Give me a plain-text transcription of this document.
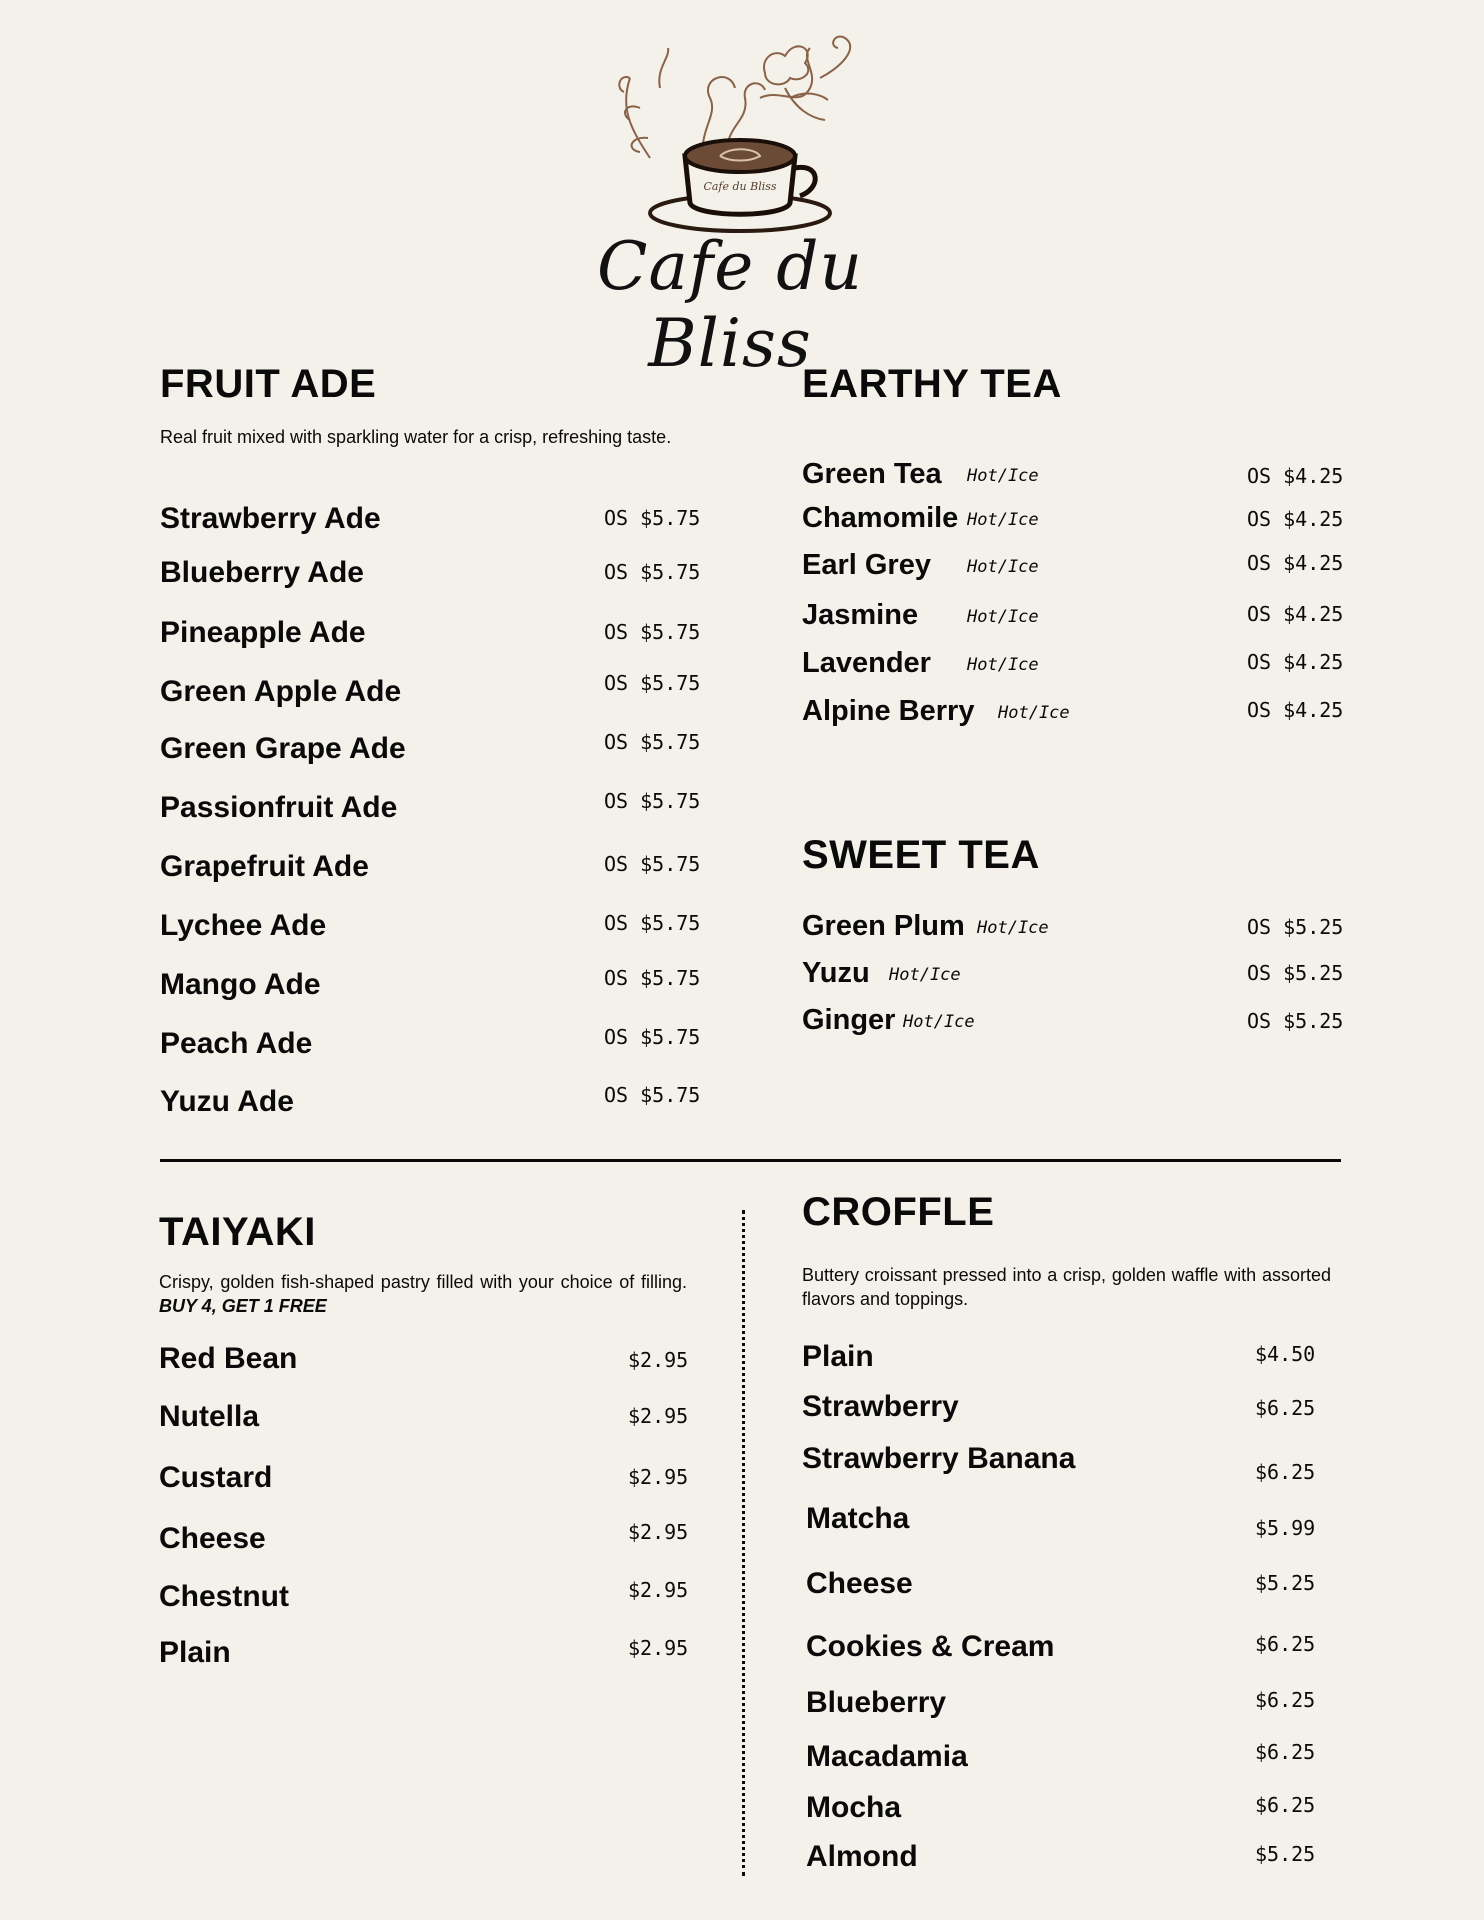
Cafe du Bliss
Cafe du Bliss
FRUIT ADE

Real fruit mixed with sparkling water for a crisp, refreshing taste.

Strawberry Ade	OS $5.75
Blueberry Ade	OS $5.75
Pineapple Ade	OS $5.75
Green Apple Ade	OS $5.75
Green Grape Ade	OS $5.75
Passionfruit Ade	OS $5.75
Grapefruit Ade	OS $5.75
Lychee Ade	OS $5.75
Mango Ade	OS $5.75
Peach Ade	OS $5.75
Yuzu Ade	OS $5.75
EARTHY TEA
Green Tea Hot/Ice	OS $4.25
Chamomile Hot/Ice	OS $4.25
Earl Grey Hot/Ice	OS $4.25
Jasmine	Hot/Ice	OS $4.25
Lavender Hot/Ice	OS $4.25
Alpine Berry Hot/Ice	OS $4.25
SWEET TEA
Green Plum Hot/Ice	OS $5.25
Yuzu Hot/Ice	OS $5.25
Ginger Hot/Ice	OS $5.25
TAIYAKI

Crispy, golden fish-shaped pastry filled with your choice of filling. BUY 4, GET 1 FREE

Red Bean	$2.95
Nutella	$2.95
Custard	$2.95
Cheese	$2.95
Chestnut	$2.95
Plain	$2.95
CROFFLE

Buttery croissant pressed into a crisp, golden waffle with assorted flavors and toppings.

Plain	$4.50
Strawberry	$6.25
Strawberry Banana	$6.25
Matcha	$5.99
Cheese	$5.25
Cookies & Cream	$6.25
Blueberry	$6.25
Macadamia	$6.25
Mocha	$6.25
Almond	$5.25
